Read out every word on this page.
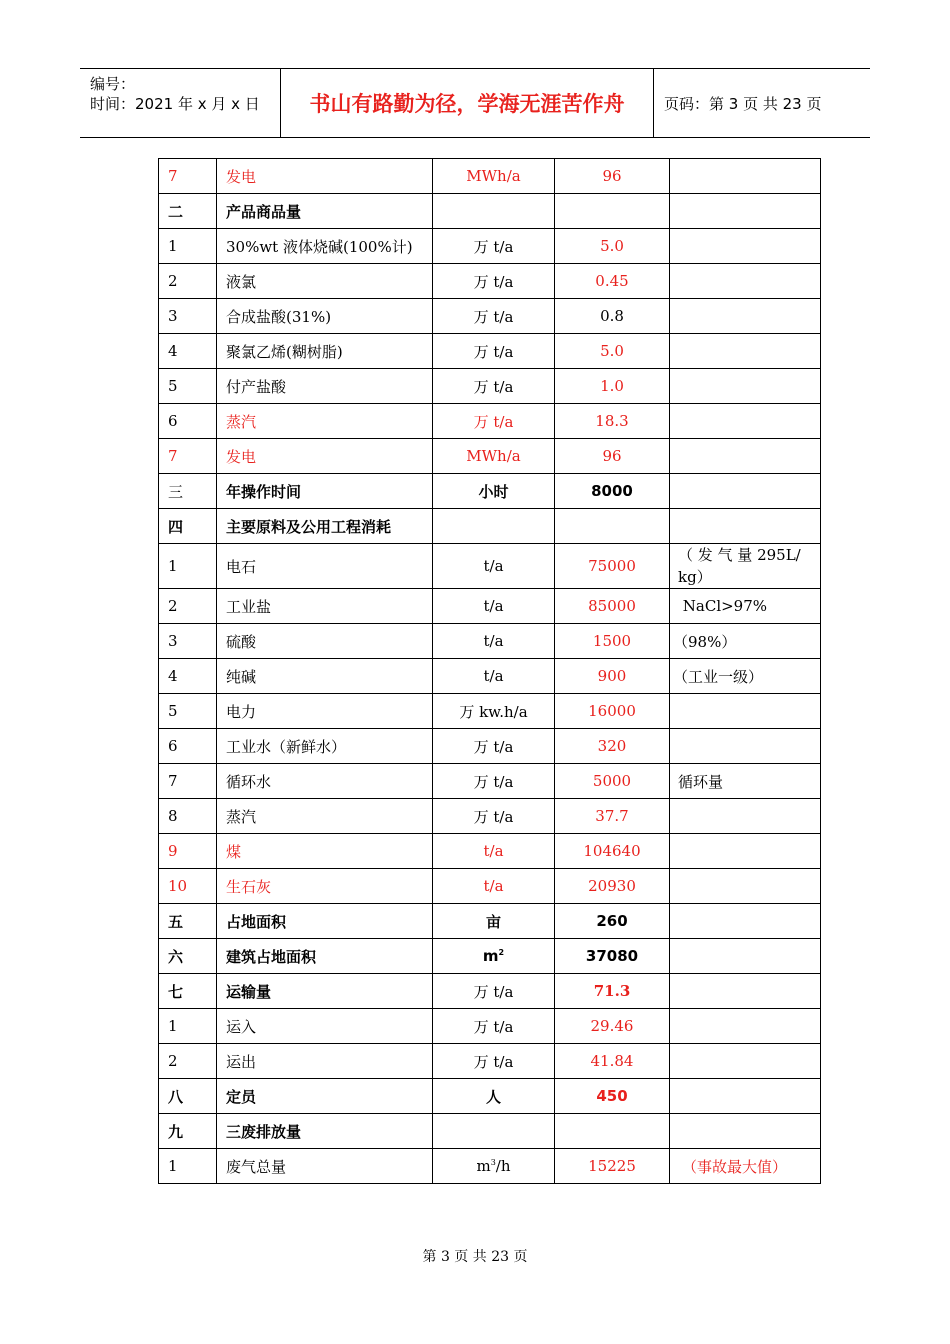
编号：
时间：2021 年 x 月 x 日	书山有路勤为径，学海无涯苦作舟	页码：第 3 页 共 23 页
7	发电	MWh/a	96	
二	产品商品量			
1	30%wt 液体烧碱(100%计)	万 t/a	5.0	
2	液氯	万 t/a	0.45	
3	合成盐酸(31%)	万 t/a	0.8	
4	聚氯乙烯(糊树脂)	万 t/a	5.0	
5	付产盐酸	万 t/a	1.0	
6	蒸汽	万 t/a	18.3	
7	发电	MWh/a	96	
三	年操作时间	小时	8000	
四	主要原料及公用工程消耗			
1	电石	t/a	75000	（ 发 气 量 295L/ kg）
2	工业盐	t/a	85000	NaCl>97%
3	硫酸	t/a	1500	（98%）
4	纯碱	t/a	900	（工业一级）
5	电力	万 kw.h/a	16000	
6	工业水（新鲜水）	万 t/a	320	
7	循环水	万 t/a	5000	循环量
8	蒸汽	万 t/a	37.7	
9	煤	t/a	104640	
10	生石灰	t/a	20930	
五	占地面积	亩	260	
六	建筑占地面积	$m^2$	37080	
七	运输量	万 t/a	71.3	
1	运入	万 t/a	29.46	
2	运出	万 t/a	41.84	
八	定员	人	450	
九	三废排放量			
1	废气总量	$m^3/h$	15225	（事故最大值）
第 3 页 共 23 页
